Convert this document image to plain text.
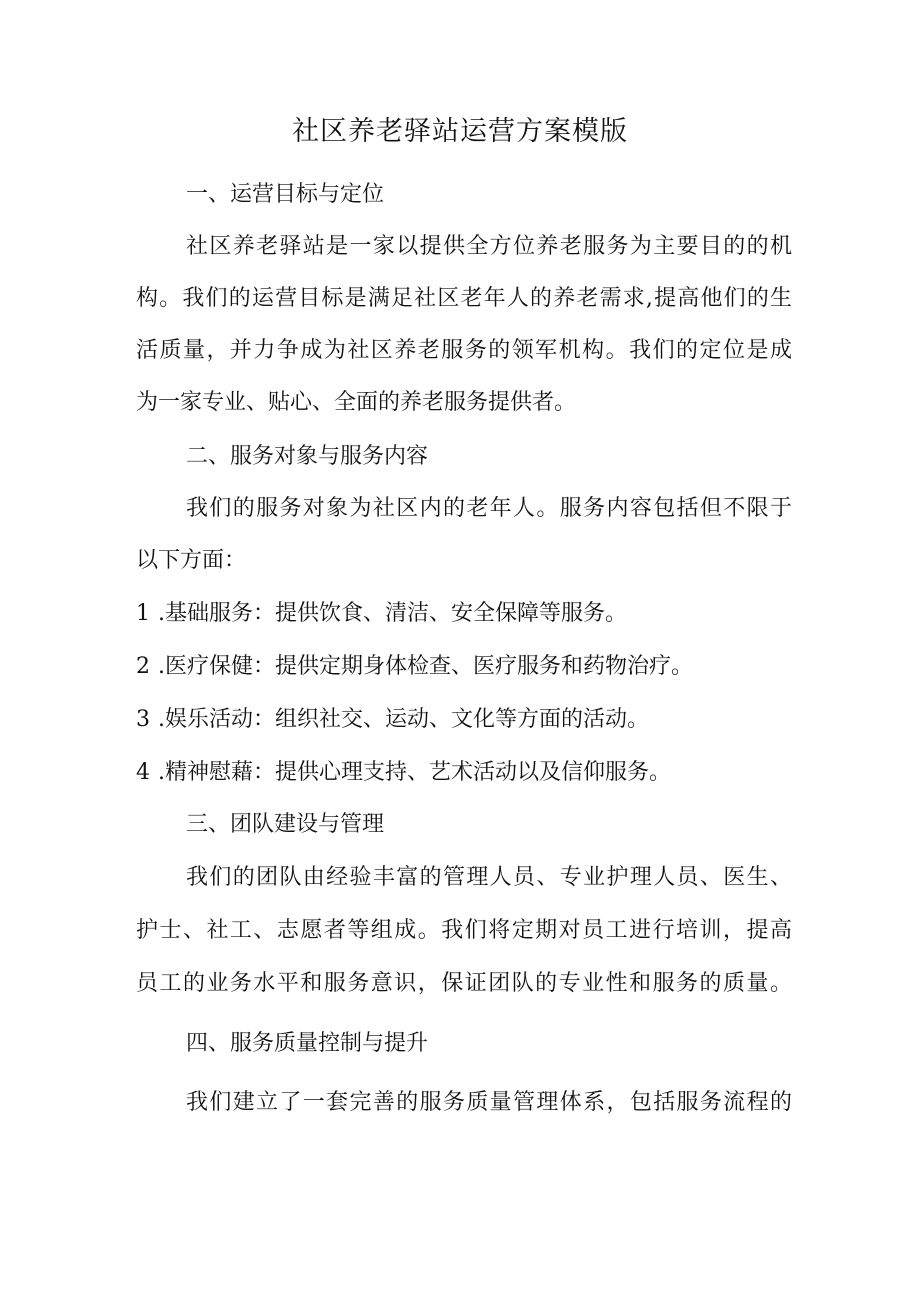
社区养老驿站运营方案模版
一、运营目标与定位
社区养老驿站是一家以提供全方位养老服务为主要目的的机
构。我们的运营目标是满足社区老年人的养老需求,提高他们的生
活质量，并力争成为社区养老服务的领军机构。我们的定位是成
为一家专业、贴心、全面的养老服务提供者。
二、服务对象与服务内容
我们的服务对象为社区内的老年人。服务内容包括但不限于
以下方面：
1 .基础服务：提供饮食、清洁、安全保障等服务。
2 .医疗保健：提供定期身体检查、医疗服务和药物治疗。
3 .娱乐活动：组织社交、运动、文化等方面的活动。
4 .精神慰藉：提供心理支持、艺术活动以及信仰服务。
三、团队建设与管理
我们的团队由经验丰富的管理人员、专业护理人员、医生、
护士、社工、志愿者等组成。我们将定期对员工进行培训，提高
员工的业务水平和服务意识，保证团队的专业性和服务的质量。
四、服务质量控制与提升
我们建立了一套完善的服务质量管理体系，包括服务流程的
